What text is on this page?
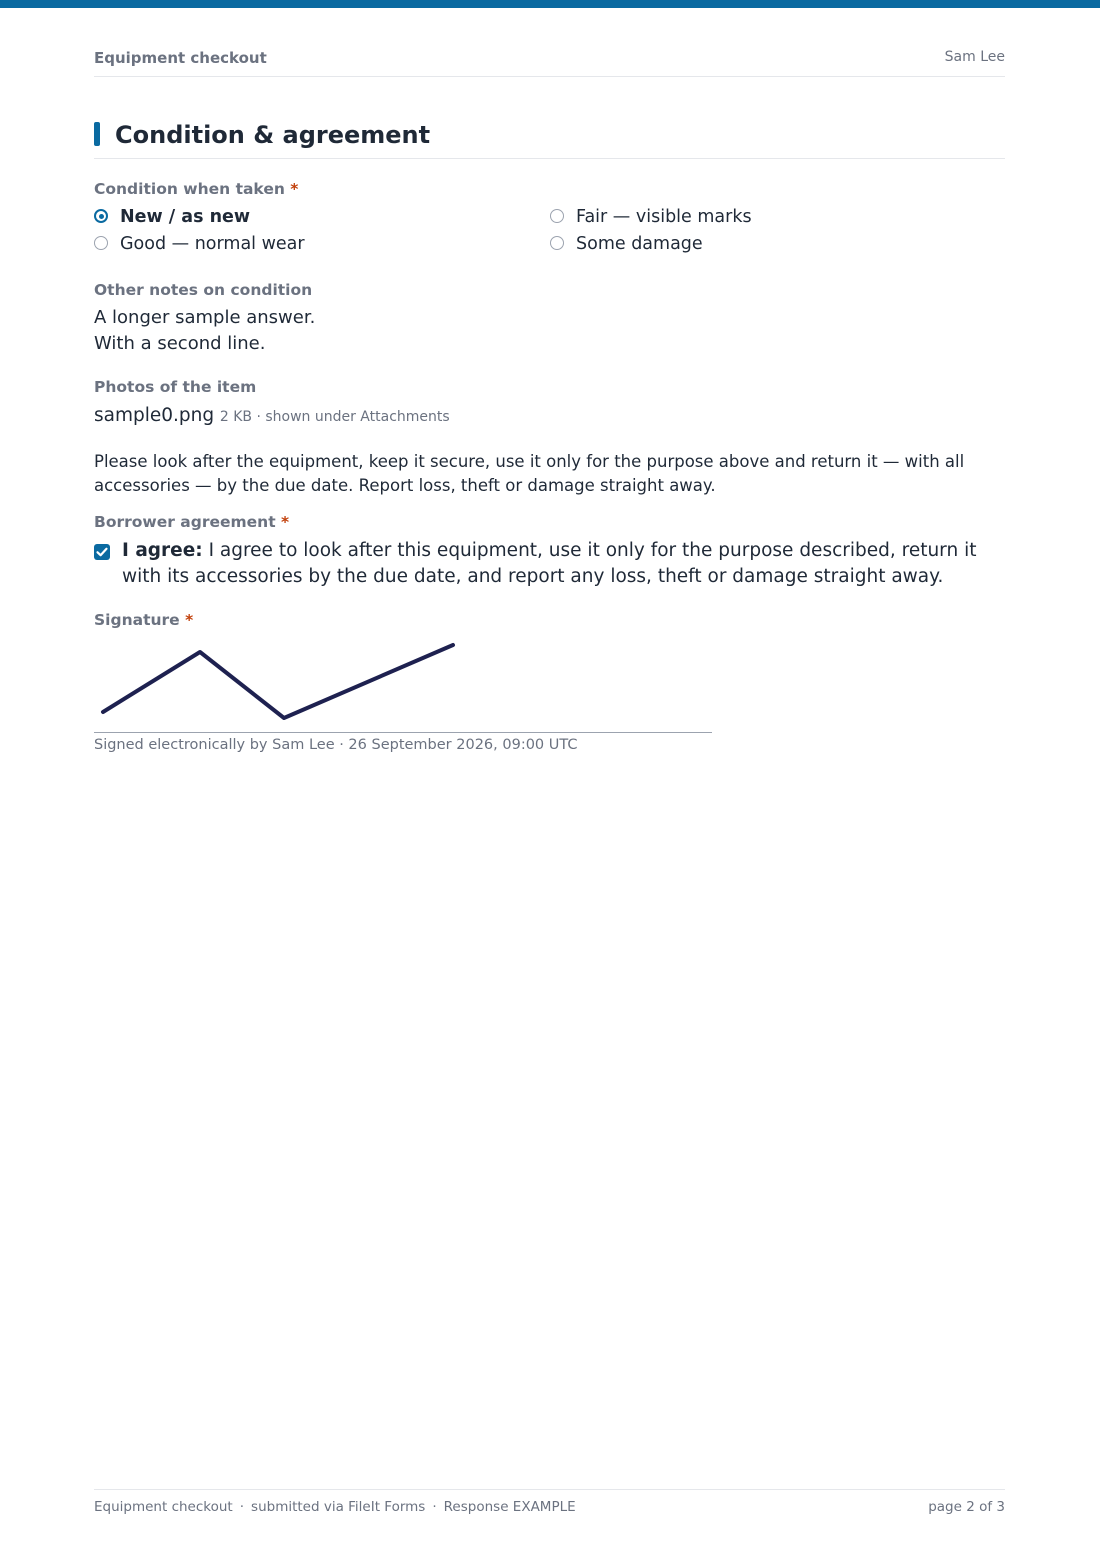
Equipment checkout	Sam Lee
Condition & agreement
Condition when taken *
New / as new
Good — normal wear
Fair — visible marks
Some damage
Other notes on condition
A longer sample answer.
With a second line.
Photos of the item
sample0.png 2 KB · shown under Attachments
Please look after the equipment, keep it secure, use it only for the purpose above and return it — with all accessories — by the due date. Report loss, theft or damage straight away.
Borrower agreement *
I agree: I agree to look after this equipment, use it only for the purpose described, return it with its accessories by the due date, and report any loss, theft or damage straight away.
Signature *
Signed electronically by Sam Lee · 26 September 2026, 09:00 UTC
Equipment checkout · submitted via FileIt Forms · Response EXAMPLE	page 2 of 3
